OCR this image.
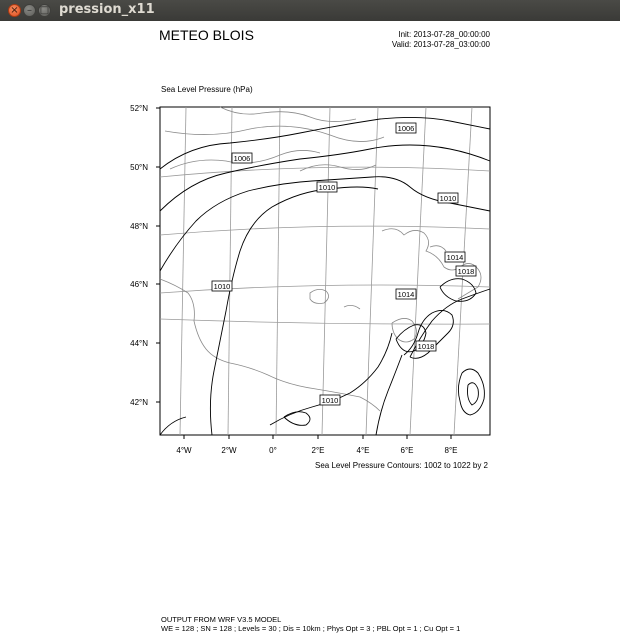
× – □ pression_x11
METEO BLOIS	Init: 2013-07-28_00:00:00
Valid: 2013-07-28_03:00:00
Sea Level Pressure (hPa)
1006
1006
1010
1010
1010
1014
1018
1014
1018
1010
52°N
50°N
48°N
46°N
44°N
42°N
4°W	2°W	0°	2°E	4°E	6°E	8°E
Sea Level Pressure Contours: 1002 to 1022 by 2
OUTPUT FROM WRF V3.5 MODEL
WE = 128 ; SN = 128 ; Levels = 30 ; Dis = 10km ; Phys Opt = 3 ; PBL Opt = 1 ; Cu Opt = 1
